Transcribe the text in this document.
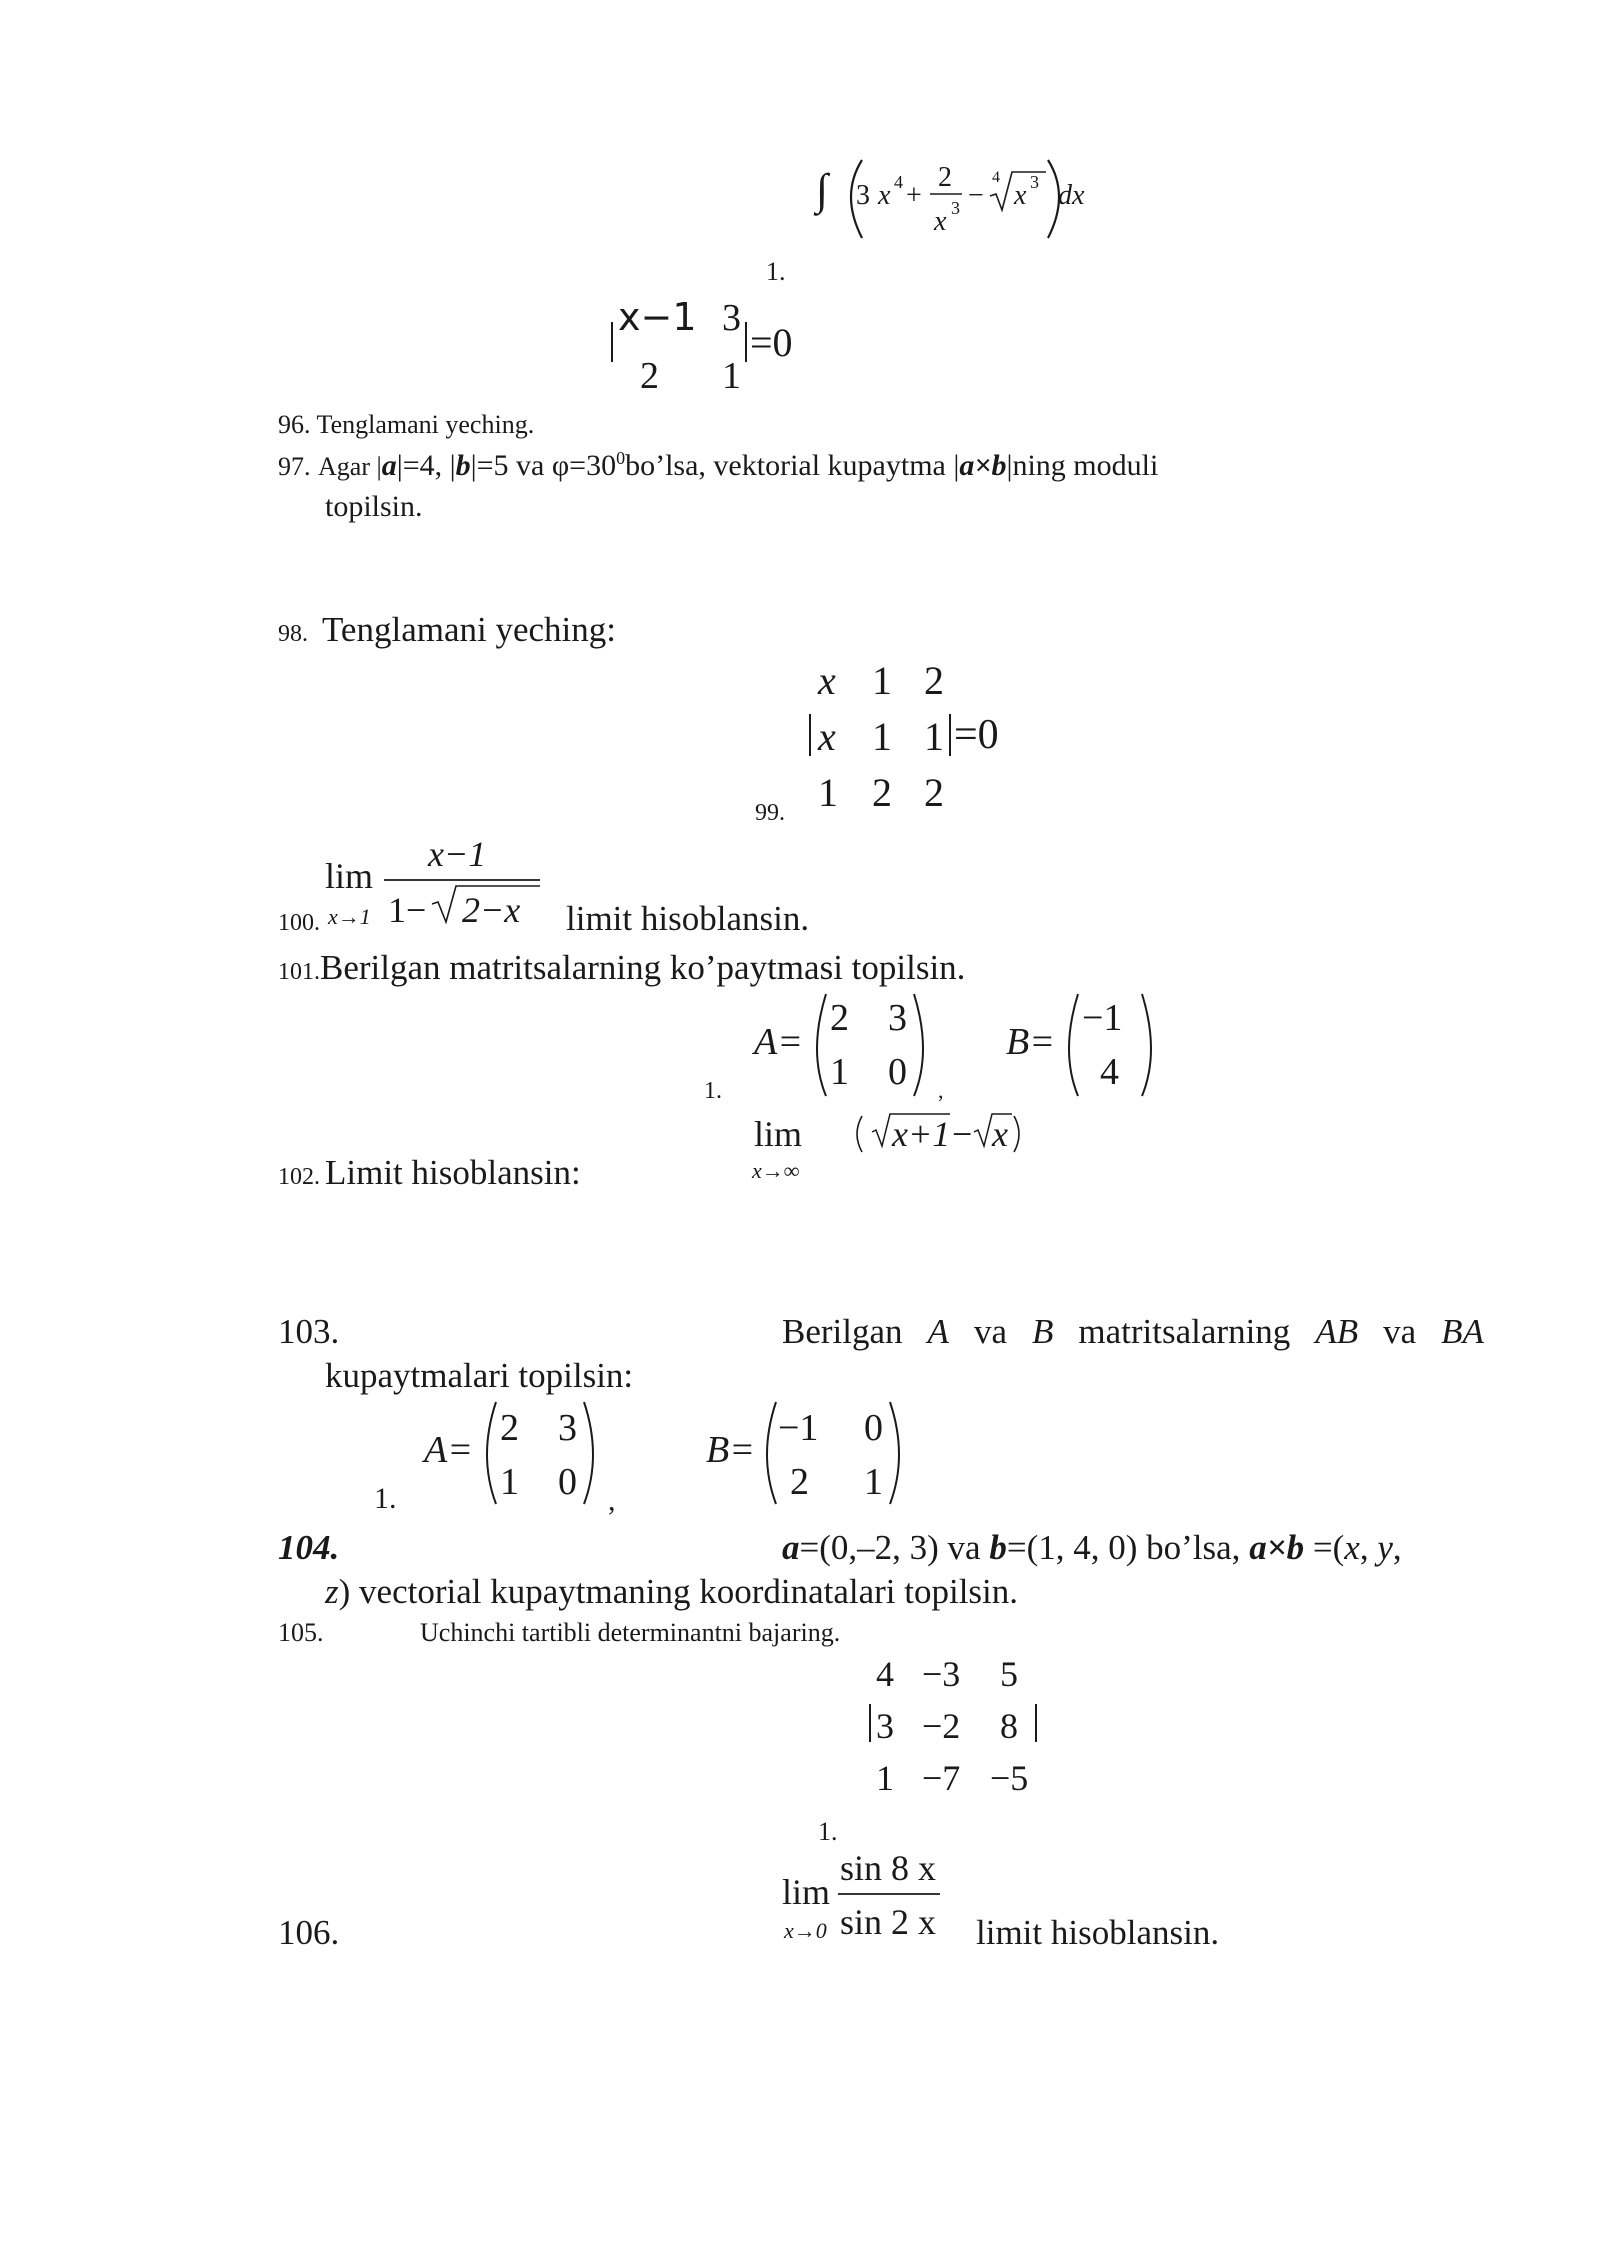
∫ 3 x 4 +
2
x 3 −
4
x 3 dx
1.
x−1 3
2 1
=0
96. Tenglamani yeching.
97. Agar |a|=4, |b|=5 va $\varphi=30^0bo’lsa$, vektorial kupaytma |a×b|ning moduli
topilsin.
98. Tenglamani yeching:
x 1 2
x 1 1 =0
1 2 2
99.
lim
100. x→1
x−1
1− 2−x limit hisoblansin.
101.Berilgan matritsalarning ko’paytmasi topilsin.
1.
A=
2 3
1 0 ,
B=
−1
4
lim
x→∞
x+1 − x
102. Limit hisoblansin:
103.	Berilgan A va B matritsalarning AB va BA
kupaytmalari topilsin:
1.
A=
2 3
1 0 ,
B=
−1 0
2 1
104.	a=(0,–2, 3) va b=(1, 4, 0) bo’lsa, a×b =(x, y,
z) vectorial kupaytmaning koordinatalari topilsin.
105.	Uchinchi tartibli determinantni bajaring.
4 −3 5
3 −2 8
1 −7 −5
1.
106.
lim
x→0
sin 8 x
sin 2 x limit hisoblansin.
